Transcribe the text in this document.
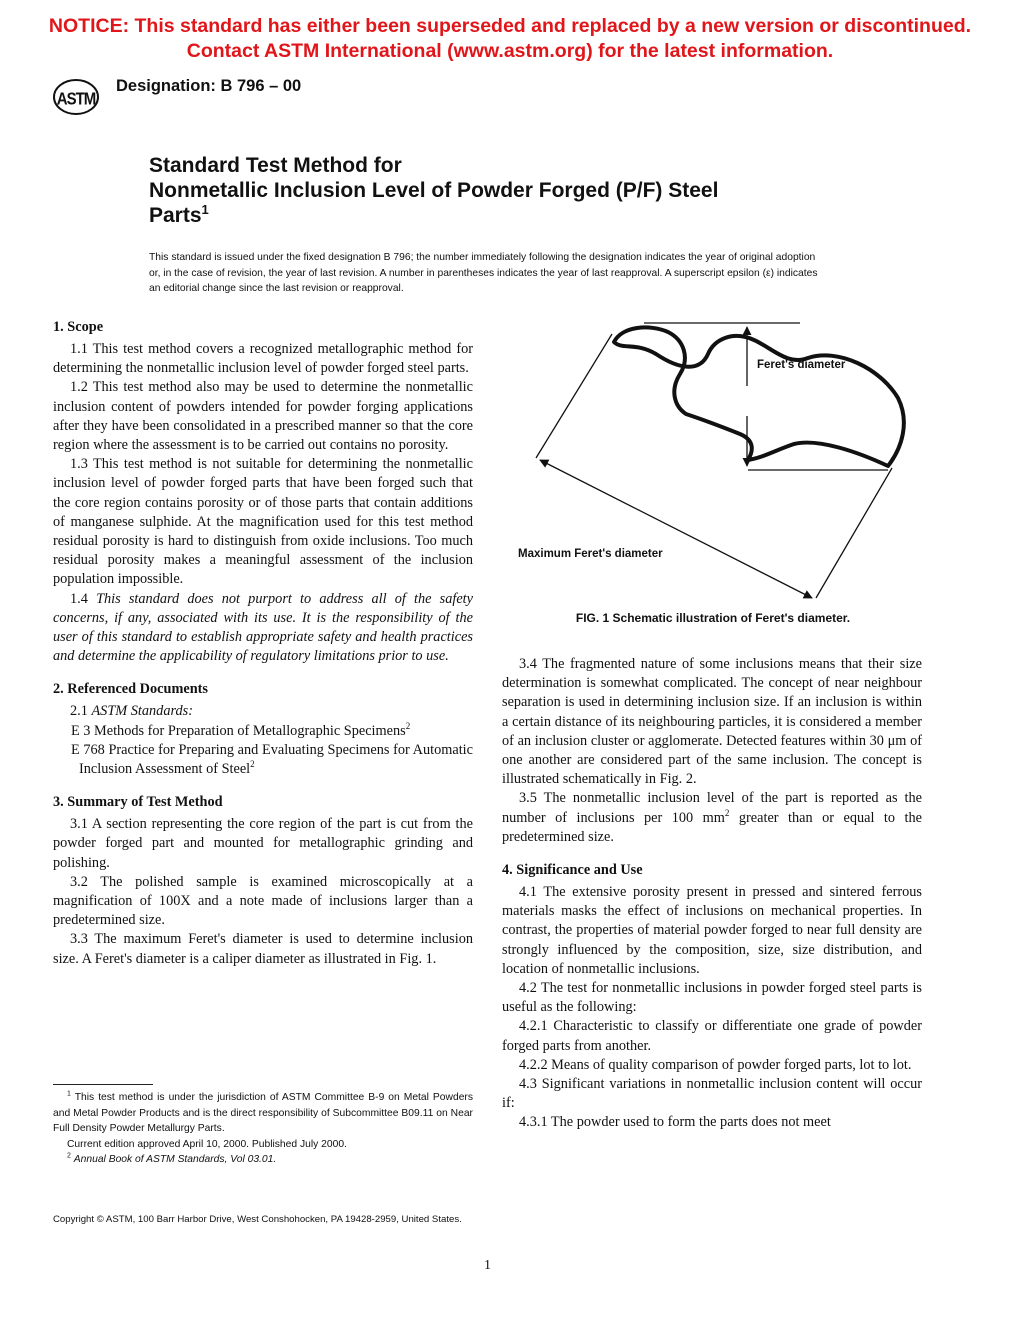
NOTICE: This standard has either been superseded and replaced by a new version or discontinued.
Contact ASTM International (www.astm.org) for the latest information.
ASTM
Designation: B 796 – 00
Standard Test Method for
Nonmetallic Inclusion Level of Powder Forged (P/F) Steel
Parts$^1$
This standard is issued under the fixed designation B 796; the number immediately following the designation indicates the year of original adoption or, in the case of revision, the year of last revision. A number in parentheses indicates the year of last reapproval. A superscript epsilon (ε) indicates an editorial change since the last revision or reapproval.
1. Scope

1.1 This test method covers a recognized metallographic method for determining the nonmetallic inclusion level of powder forged steel parts.

1.2 This test method also may be used to determine the nonmetallic inclusion content of powders intended for powder forging applications after they have been consolidated in a prescribed manner so that the core region where the assessment is to be carried out contains no porosity.

1.3 This test method is not suitable for determining the nonmetallic inclusion level of powder forged parts that have been forged such that the core region contains porosity or of those parts that contain additions of manganese sulphide. At the magnification used for this test method residual porosity is hard to distinguish from oxide inclusions. Too much residual porosity makes a meaningful assessment of the inclusion population impossible.

1.4 This standard does not purport to address all of the safety concerns, if any, associated with its use. It is the responsibility of the user of this standard to establish appropriate safety and health practices and determine the applicability of regulatory limitations prior to use.

2. Referenced Documents

2.1 ASTM Standards:

E 3 Methods for Preparation of Metallographic Specimens$^2$

E 768 Practice for Preparing and Evaluating Specimens for Automatic Inclusion Assessment of Steel$^2$

3. Summary of Test Method

3.1 A section representing the core region of the part is cut from the powder forged part and mounted for metallographic grinding and polishing.

3.2 The polished sample is examined microscopically at a magnification of 100X and a note made of inclusions larger than a predetermined size.

3.3 The maximum Feret's diameter is used to determine inclusion size. A Feret's diameter is a caliper diameter as illustrated in Fig. 1.

Feret's diameter
Maximum Feret's diameter
FIG. 1 Schematic illustration of Feret's diameter.

3.4 The fragmented nature of some inclusions means that their size determination is somewhat complicated. The concept of near neighbour separation is used in determining inclusion size. If an inclusion is within a certain distance of its neighbouring particles, it is considered a member of an inclusion cluster or agglomerate. Detected features within 30 μm of one another are considered part of the same inclusion. The concept is illustrated schematically in Fig. 2.

3.5 The nonmetallic inclusion level of the part is reported as the number of inclusions per 100 $mm^2$ greater than or equal to the predetermined size.

4. Significance and Use

4.1 The extensive porosity present in pressed and sintered ferrous materials masks the effect of inclusions on mechanical properties. In contrast, the properties of material powder forged to near full density are strongly influenced by the composition, size, size distribution, and location of nonmetallic inclusions.

4.2 The test for nonmetallic inclusions in powder forged steel parts is useful as the following:

4.2.1 Characteristic to classify or differentiate one grade of powder forged parts from another.

4.2.2 Means of quality comparison of powder forged parts, lot to lot.

4.3 Significant variations in nonmetallic inclusion content will occur if:

4.3.1 The powder used to form the parts does not meet

$^1$ This test method is under the jurisdiction of ASTM Committee B-9 on Metal Powders and Metal Powder Products and is the direct responsibility of Subcommittee B09.11 on Near Full Density Powder Metallurgy Parts.

Current edition approved April 10, 2000. Published July 2000.

$^2$ Annual Book of ASTM Standards, Vol 03.01.

Copyright © ASTM, 100 Barr Harbor Drive, West Conshohocken, PA 19428-2959, United States.
1
